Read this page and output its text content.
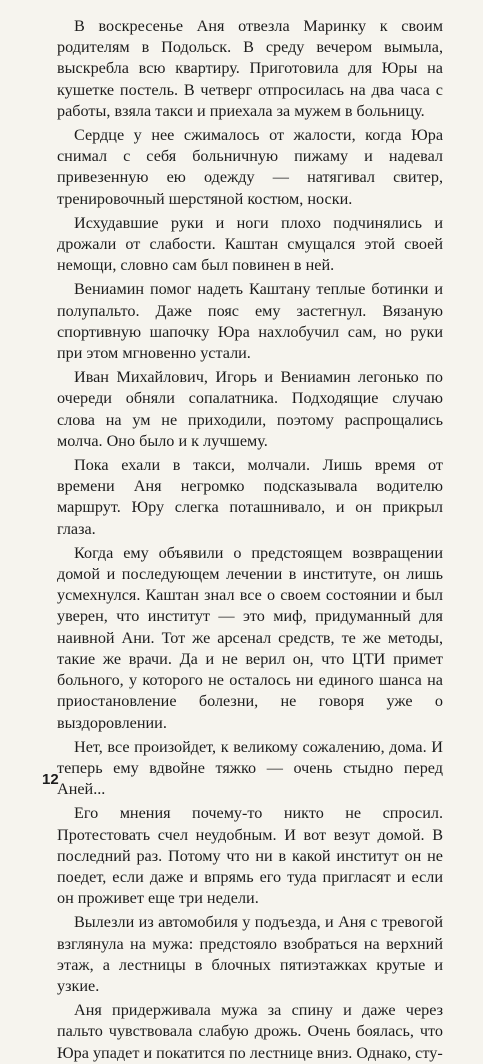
В воскресенье Аня отвезла Маринку к своим родителям в Подольск. В среду вечером вымыла, выскребла всю квартиру. Приготовила для Юры на кушетке постель. В четверг отпросилась на два часа с работы, взяла такси и приехала за мужем в больницу.

Сердце у нее сжималось от жалости, когда Юра снимал с себя больничную пижаму и надевал привезенную ею одежду — натягивал свитер, тренировочный шерстяной костюм, носки.

Исхудавшие руки и ноги плохо подчинялись и дрожали от слабости. Каштан смущался этой своей немощи, словно сам был повинен в ней.

Вениамин помог надеть Каштану теплые ботинки и полупальто. Даже пояс ему застегнул. Вязаную спортивную шапочку Юра нахлобучил сам, но руки при этом мгновенно устали.

Иван Михайлович, Игорь и Вениамин легонько по очереди обняли сопалатника. Подходящие случаю слова на ум не приходили, поэтому распрощались молча. Оно было и к лучшему.

Пока ехали в такси, молчали. Лишь время от времени Аня негромко подсказывала водителю маршрут. Юру слегка поташнивало, и он прикрыл глаза.

Когда ему объявили о предстоящем возвращении домой и последующем лечении в институте, он лишь усмехнулся. Каштан знал все о своем состоянии и был уверен, что институт — это миф, придуманный для наивной Ани. Тот же арсенал средств, те же методы, такие же врачи. Да и не верил он, что ЦТИ примет больного, у которого не осталось ни единого шанса на приостановление болезни, не говоря уже о выздоровлении.

Нет, все произойдет, к великому сожалению, дома. И теперь ему вдвойне тяжко — очень стыдно перед Аней...

Его мнения почему-то никто не спросил. Протестовать счел неудобным. И вот везут домой. В последний раз. Потому что ни в какой институт он не поедет, если даже и впрямь его туда пригласят и если он проживет еще три недели.

Вылезли из автомобиля у подъезда, и Аня с тревогой взглянула на мужа: предстояло взобраться на верхний этаж, а лестницы в блочных пятиэтажках крутые и узкие.

Аня придерживала мужа за спину и даже через пальто чувствовала слабую дрожь. Очень боялась, что Юра упадет и покатится по лестнице вниз. Однако, сту-

12
